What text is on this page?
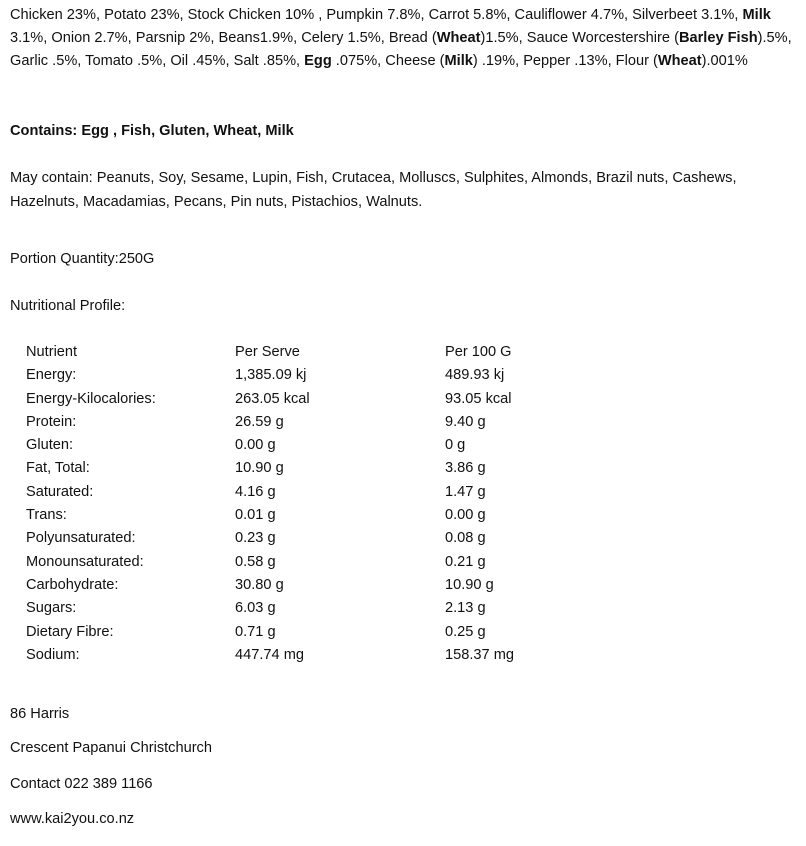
Chicken 23%, Potato 23%, Stock Chicken 10% , Pumpkin 7.8%, Carrot 5.8%, Cauliflower 4.7%, Silverbeet 3.1%, Milk 3.1%, Onion 2.7%, Parsnip 2%, Beans1.9%, Celery 1.5%, Bread (Wheat)1.5%, Sauce Worcestershire (Barley Fish).5%, Garlic .5%, Tomato .5%, Oil .45%, Salt .85%, Egg .075%, Cheese (Milk) .19%, Pepper .13%, Flour (Wheat).001%

Contains: Egg , Fish, Gluten, Wheat, Milk
May contain: Peanuts, Soy, Sesame, Lupin, Fish, Crutacea, Molluscs, Sulphites, Almonds, Brazil nuts, Cashews, Hazelnuts, Macadamias, Pecans, Pin nuts, Pistachios, Walnuts.
Portion Quantity:250G
Nutritional Profile:
Nutrient	Per Serve	Per 100 G
Energy:	1,385.09 kj	489.93 kj
Energy-Kilocalories:	263.05 kcal	93.05 kcal
Protein:	26.59 g	9.40 g
Gluten:	0.00 g	0 g
Fat, Total:	10.90 g	3.86 g
Saturated:	4.16 g	1.47 g
Trans:	0.01 g	0.00 g
Polyunsaturated:	0.23 g	0.08 g
Monounsaturated:	0.58 g	0.21 g
Carbohydrate:	30.80 g	10.90 g
Sugars:	6.03 g	2.13 g
Dietary Fibre:	0.71 g	0.25 g
Sodium:	447.74 mg	158.37 mg
86 Harris
Crescent Papanui Christchurch
Contact 022 389 1166
www.kai2you.co.nz
